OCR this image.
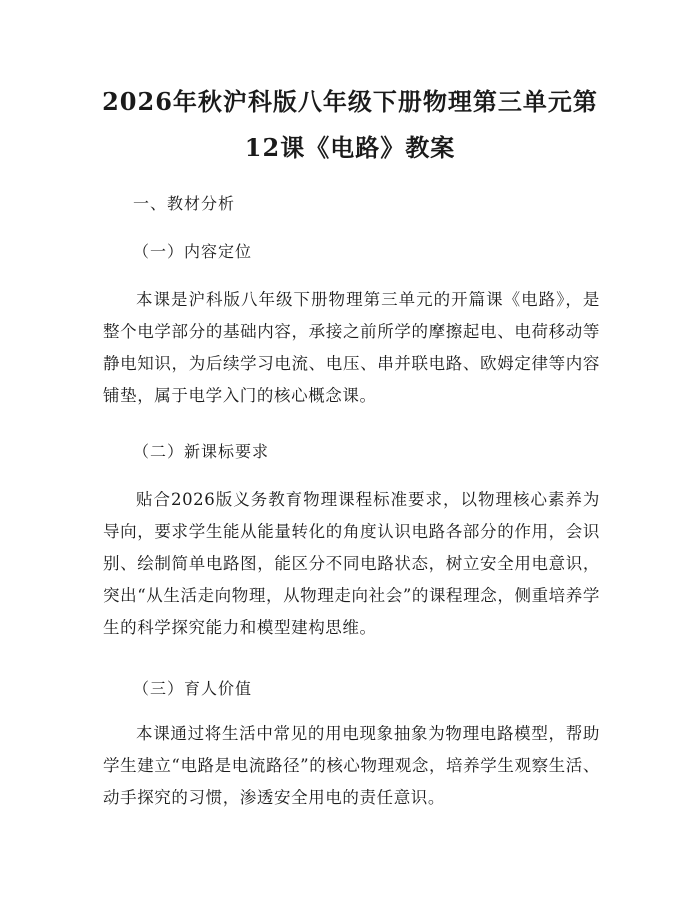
2026年秋沪科版八年级下册物理第三单元第
12课《电路》教案
一、教材分析
（一）内容定位
本课是沪科版八年级下册物理第三单元的开篇课《电路》，是整个电学部分的基础内容，承接之前所学的摩擦起电、电荷移动等静电知识，为后续学习电流、电压、串并联电路、欧姆定律等内容铺垫，属于电学入门的核心概念课。
（二）新课标要求
贴合2026版义务教育物理课程标准要求，以物理核心素养为导向，要求学生能从能量转化的角度认识电路各部分的作用，会识别、绘制简单电路图，能区分不同电路状态，树立安全用电意识，突出“从生活走向物理，从物理走向社会”的课程理念，侧重培养学生的科学探究能力和模型建构思维。
（三）育人价值
本课通过将生活中常见的用电现象抽象为物理电路模型，帮助学生建立“电路是电流路径”的核心物理观念，培养学生观察生活、动手探究的习惯，渗透安全用电的责任意识。
